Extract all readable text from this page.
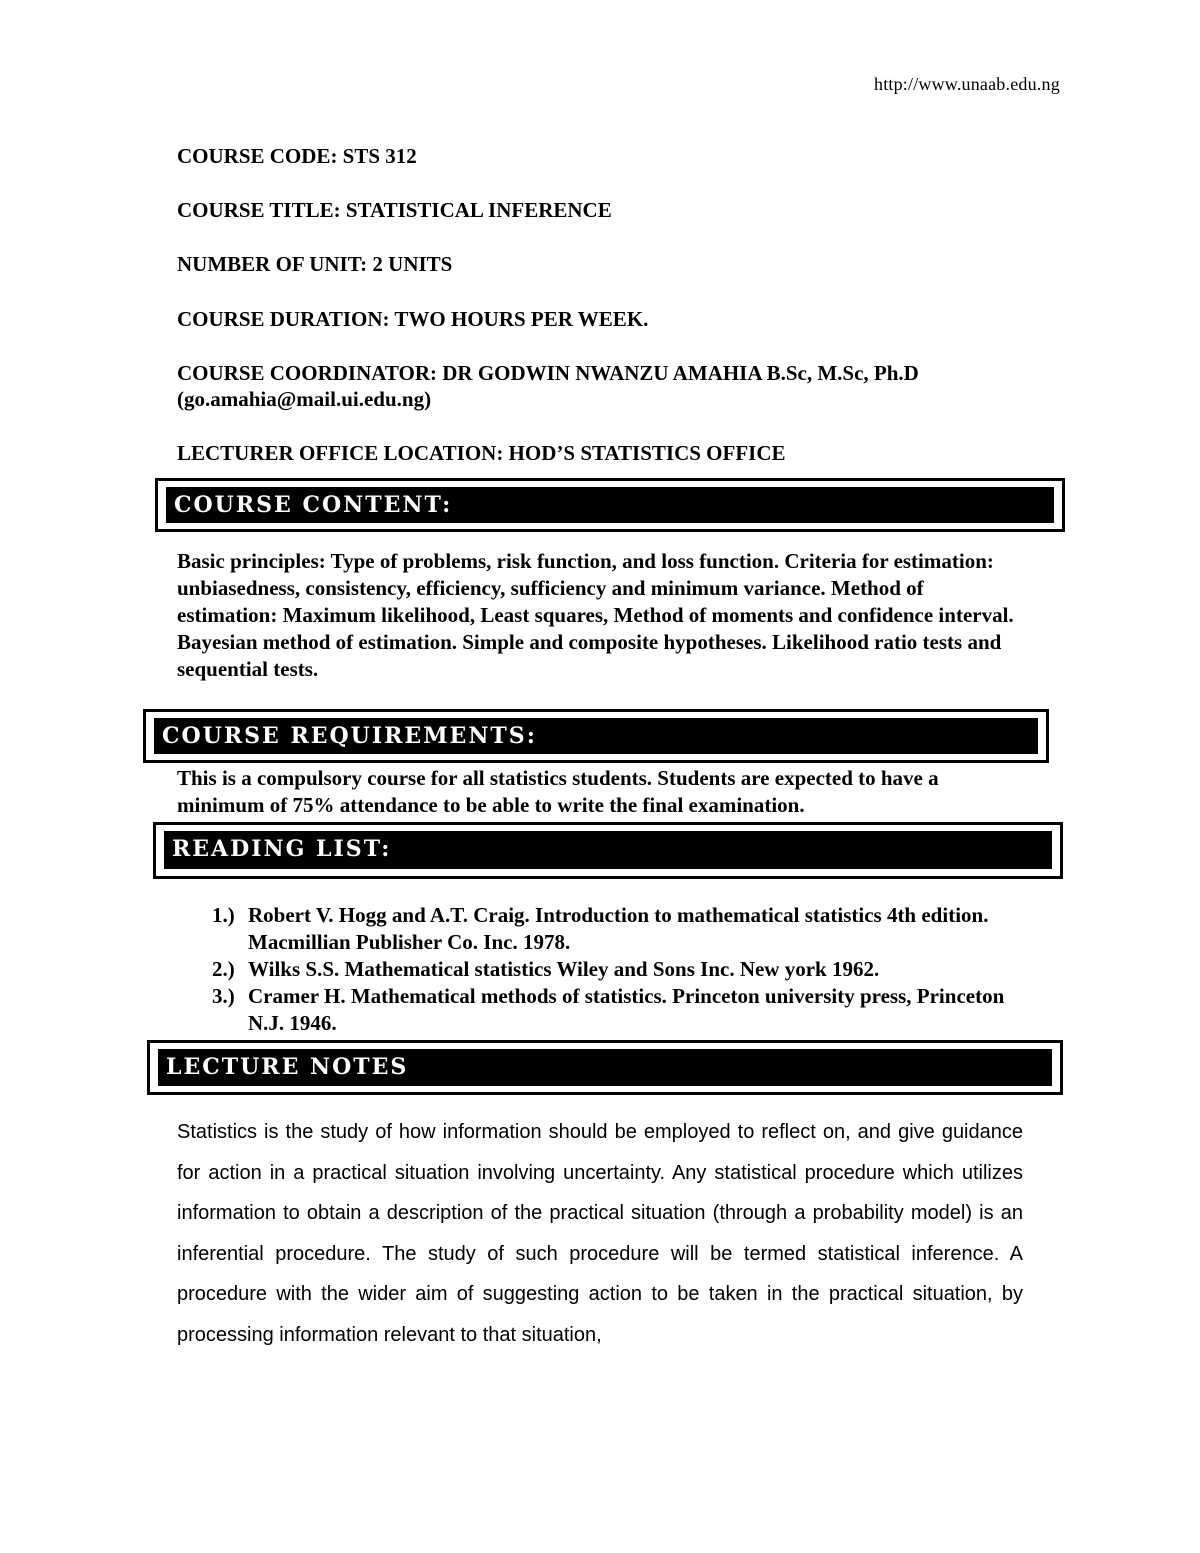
http://www.unaab.edu.ng
COURSE CODE: STS 312
COURSE TITLE: STATISTICAL INFERENCE
NUMBER OF UNIT: 2 UNITS
COURSE DURATION: TWO HOURS PER WEEK.
COURSE COORDINATOR: DR GODWIN NWANZU AMAHIA B.Sc, M.Sc, Ph.D (go.amahia@mail.ui.edu.ng)
LECTURER OFFICE LOCATION: HOD’S STATISTICS OFFICE
COURSE CONTENT:
Basic principles: Type of problems, risk function, and loss function. Criteria for estimation: unbiasedness, consistency, efficiency, sufficiency and minimum variance. Method of estimation: Maximum likelihood, Least squares, Method of moments and confidence interval. Bayesian method of estimation. Simple and composite hypotheses. Likelihood ratio tests and sequential tests.
COURSE REQUIREMENTS:
This is a compulsory course for all statistics students. Students are expected to have a minimum of 75% attendance to be able to write the final examination.
READING LIST:
1.) Robert V. Hogg and A.T. Craig. Introduction to mathematical statistics 4th edition. Macmillian Publisher Co. Inc. 1978.
2.) Wilks S.S. Mathematical statistics Wiley and Sons Inc. New york 1962.
3.) Cramer H. Mathematical methods of statistics. Princeton university press, Princeton N.J. 1946.
LECTURE NOTES
Statistics is the study of how information should be employed to reflect on, and give guidance for action in a practical situation involving uncertainty. Any statistical procedure which utilizes information to obtain a description of the practical situation (through a probability model) is an inferential procedure. The study of such procedure will be termed statistical inference. A procedure with the wider aim of suggesting action to be taken in the practical situation, by processing information relevant to that situation,
